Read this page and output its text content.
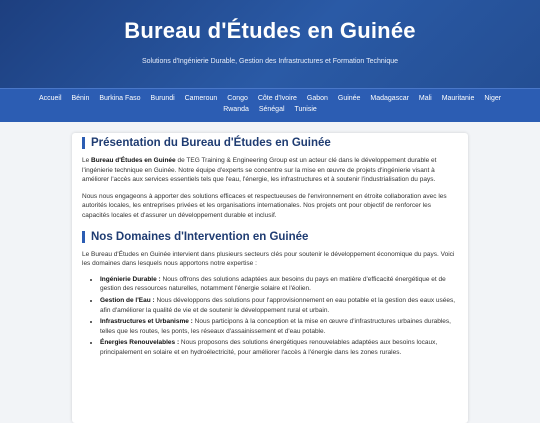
Bureau d'Études en Guinée
Solutions d'Ingénierie Durable, Gestion des Infrastructures et Formation Technique
Accueil Bénin Burkina Faso Burundi Cameroun Congo Côte d'Ivoire Gabon Guinée Madagascar Mali Mauritanie Niger
Rwanda Sénégal Tunisie
Présentation du Bureau d'Études en Guinée

Le Bureau d'Études en Guinée de TEG Training & Engineering Group est un acteur clé dans le développement durable et l'ingénierie technique en Guinée. Notre équipe d'experts se concentre sur la mise en œuvre de projets d'ingénierie visant à améliorer l'accès aux services essentiels tels que l'eau, l'énergie, les infrastructures et à soutenir l'industrialisation du pays.

Nous nous engageons à apporter des solutions efficaces et respectueuses de l'environnement en étroite collaboration avec les autorités locales, les entreprises privées et les organisations internationales. Nos projets ont pour objectif de renforcer les capacités locales et d'assurer un développement durable et inclusif.

Nos Domaines d'Intervention en Guinée

Le Bureau d'Études en Guinée intervient dans plusieurs secteurs clés pour soutenir le développement économique du pays. Voici les domaines dans lesquels nous apportons notre expertise :

• Ingénierie Durable : Nous offrons des solutions adaptées aux besoins du pays en matière d'efficacité énergétique et de gestion des ressources naturelles, notamment l'énergie solaire et l'éolien.
• Gestion de l'Eau : Nous développons des solutions pour l'approvisionnement en eau potable et la gestion des eaux usées, afin d'améliorer la qualité de vie et de soutenir le développement rural et urbain.
• Infrastructures et Urbanisme : Nous participons à la conception et la mise en œuvre d'infrastructures urbaines durables, telles que les routes, les ponts, les réseaux d'assainissement et d'eau potable.
• Énergies Renouvelables : Nous proposons des solutions énergétiques renouvelables adaptées aux besoins locaux, principalement en solaire et en hydroélectricité, pour améliorer l'accès à l'énergie dans les zones rurales.
